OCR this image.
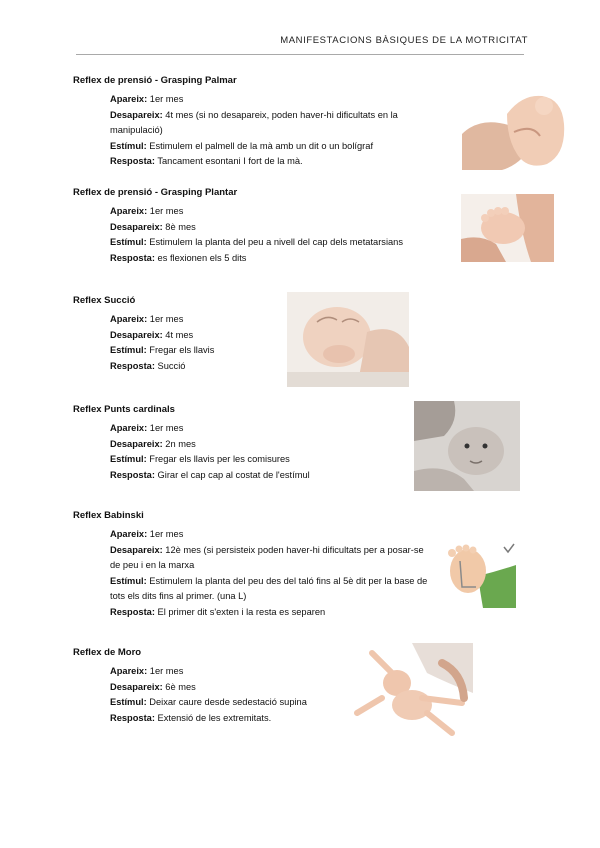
MANIFESTACIONS BÀSIQUES DE LA MOTRICITAT
Reflex de prensió - Grasping Palmar
Apareix: 1er mes
Desapareix: 4t mes (si no desapareix, poden haver-hi dificultats en la manipulació)
Estímul: Estimulem el palmell de la mà amb un dit o un bolígraf
Resposta: Tancament esontani I fort de la mà.
Reflex de prensió - Grasping Plantar
Apareix: 1er mes
Desapareix: 8è mes
Estímul: Estimulem la planta del peu a nivell del cap dels metatarsians
Resposta: es flexionen els 5 dits
Reflex Succió
Apareix: 1er mes
Desapareix: 4t mes
Estímul: Fregar els llavis
Resposta: Succió
Reflex Punts cardinals
Apareix: 1er mes
Desapareix: 2n mes
Estímul: Fregar els llavis per les comisures
Resposta: Girar el cap cap al costat de l'estímul
Reflex Babinski
Apareix: 1er mes
Desapareix: 12è mes (si persisteix poden haver-hi dificultats per a posar-se de peu i en la marxa
Estímul: Estimulem la planta del peu des del taló fins al 5è dit per la base de tots els dits fins al primer. (una L)
Resposta: El primer dit s'exten i la resta es separen
Reflex de Moro
Apareix: 1er mes
Desapareix: 6è mes
Estímul: Deixar caure desde sedestació supina
Resposta: Extensió de les extremitats.
